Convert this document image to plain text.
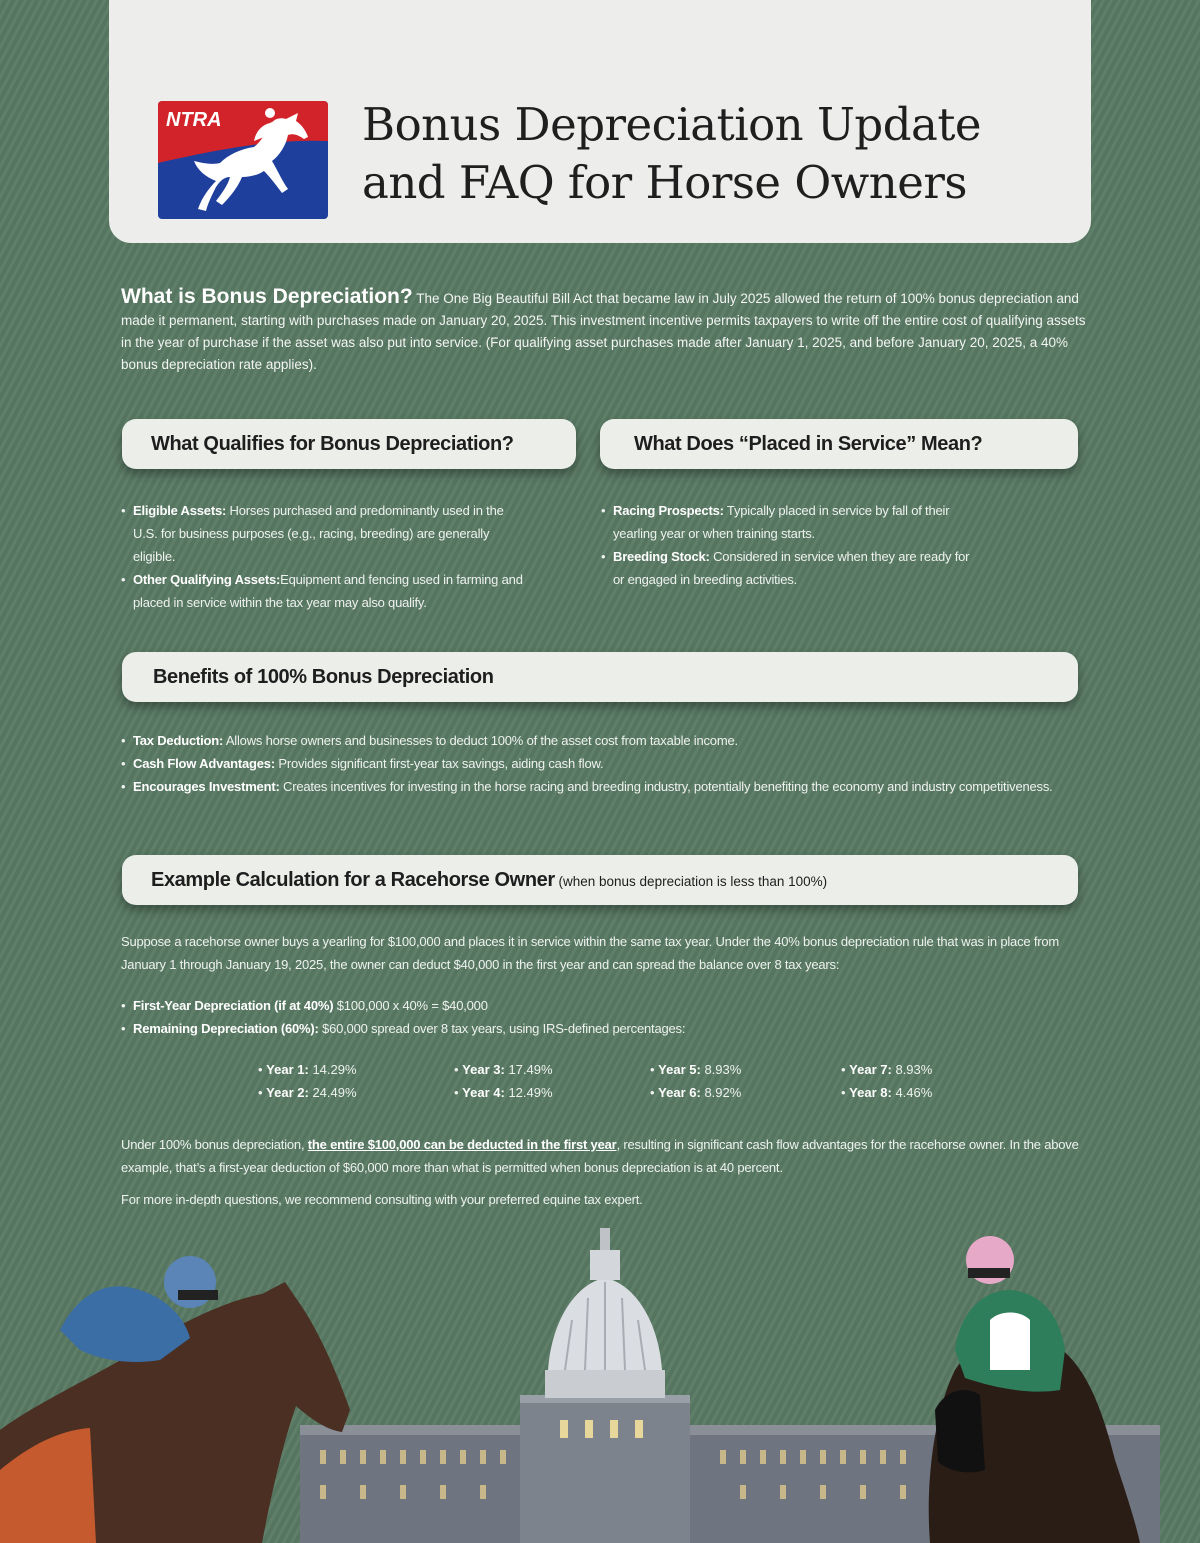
NTRA	Bonus Depreciation Update
and FAQ for Horse Owners
What is Bonus Depreciation? The One Big Beautiful Bill Act that became law in July 2025 allowed the return of 100% bonus depreciation and made it permanent, starting with purchases made on January 20, 2025. This investment incentive permits taxpayers to write off the entire cost of qualifying assets in the year of purchase if the asset was also put into service. (For qualifying asset purchases made after January 1, 2025, and before January 20, 2025, a 40% bonus depreciation rate applies).
What Qualifies for Bonus Depreciation?
• Eligible Assets: Horses purchased and predominantly used in the U.S. for business purposes (e.g., racing, breeding) are generally eligible.
• Other Qualifying Assets:Equipment and fencing used in farming and placed in service within the tax year may also qualify.
What Does “Placed in Service” Mean?
• Racing Prospects: Typically placed in service by fall of their yearling year or when training starts.
• Breeding Stock: Considered in service when they are ready for or engaged in breeding activities.
Benefits of 100% Bonus Depreciation
• Tax Deduction: Allows horse owners and businesses to deduct 100% of the asset cost from taxable income.
• Cash Flow Advantages: Provides significant first-year tax savings, aiding cash flow.
• Encourages Investment: Creates incentives for investing in the horse racing and breeding industry, potentially benefiting the economy and industry competitiveness.
Example Calculation for a Racehorse Owner (when bonus depreciation is less than 100%)
Suppose a racehorse owner buys a yearling for $100,000 and places it in service within the same tax year. Under the 40% bonus depreciation rule that was in place from January 1 through January 19, 2025, the owner can deduct $40,000 in the first year and can spread the balance over 8 tax years:
• First-Year Depreciation (if at 40%) $100,000 x 40% = $40,000
• Remaining Depreciation (60%): $60,000 spread over 8 tax years, using IRS-defined percentages:
• Year 1: 14.29%
• Year 2: 24.49%
• Year 3: 17.49%
• Year 4: 12.49%
• Year 5: 8.93%
• Year 6: 8.92%
• Year 7: 8.93%
• Year 8: 4.46%
Under 100% bonus depreciation, the entire $100,000 can be deducted in the first year, resulting in significant cash flow advantages for the racehorse owner. In the above example, that’s a first-year deduction of $60,000 more than what is permitted when bonus depreciation is at 40 percent.
For more in-depth questions, we recommend consulting with your preferred equine tax expert.
